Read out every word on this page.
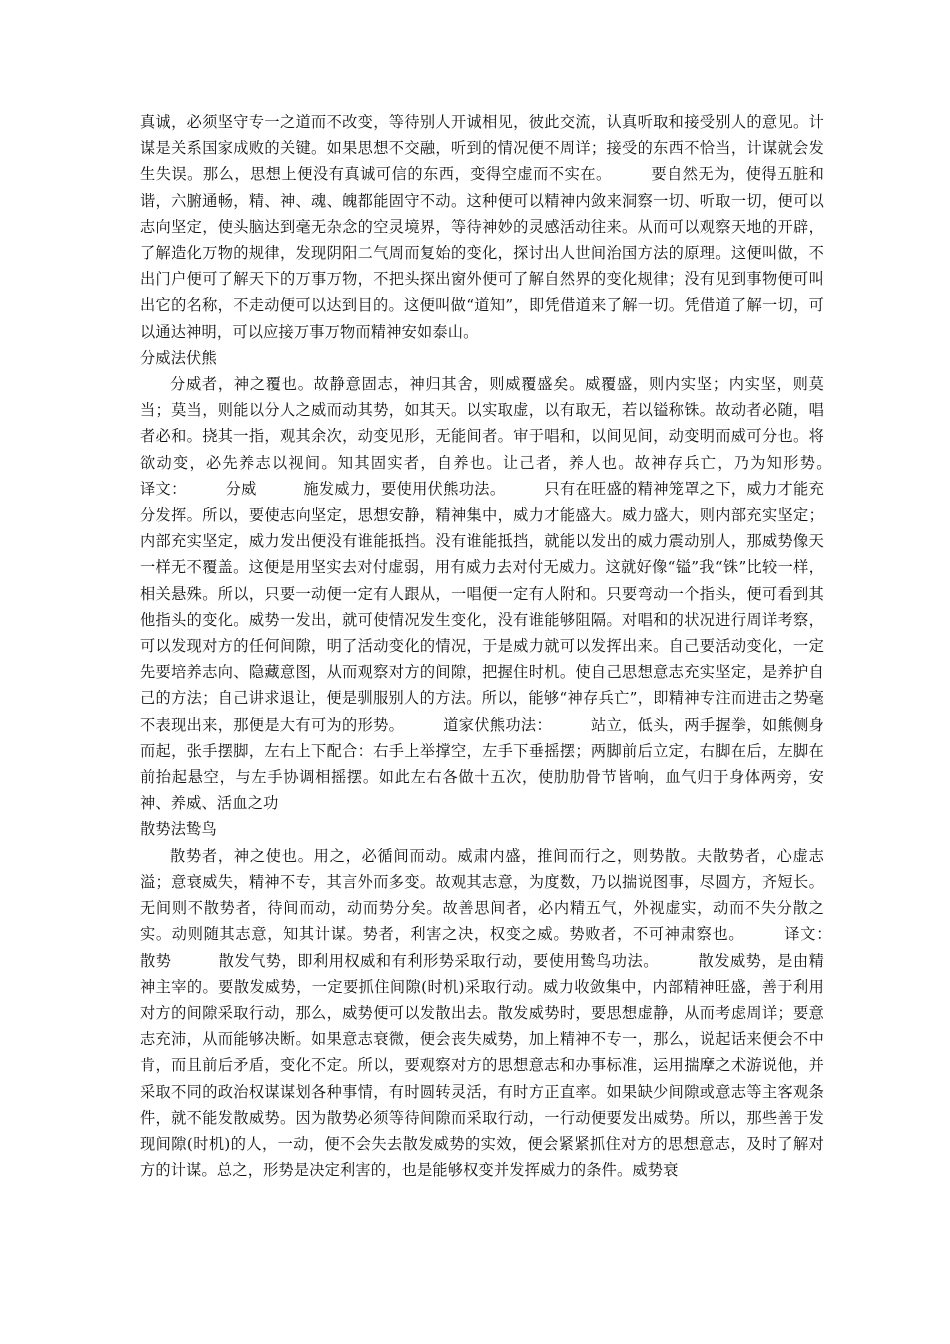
真诚，必须坚守专一之道而不改变，等待别人开诚相见，彼此交流，认真听取和接受别人的意见。计谋是关系国家成败的关键。如果思想不交融，听到的情况便不周详；接受的东西不恰当，计谋就会发生失误。那么，思想上便没有真诚可信的东西，变得空虚而不实在。　　　要自然无为，使得五脏和谐，六腑通畅，精、神、魂、魄都能固守不动。这种便可以精神内敛来洞察一切、听取一切，便可以志向坚定，使头脑达到毫无杂念的空灵境界，等待神妙的灵感活动往来。从而可以观察天地的开辟，了解造化万物的规律，发现阴阳二气周而复始的变化，探讨出人世间治国方法的原理。这便叫做，不出门户便可了解天下的万事万物，不把头探出窗外便可了解自然界的变化规律；没有见到事物便可叫出它的名称，不走动便可以达到目的。这便叫做“道知”，即凭借道来了解一切。凭借道了解一切，可以通达神明，可以应接万事万物而精神安如泰山。

分威法伏熊

分威者，神之覆也。故静意固志，神归其舍，则威覆盛矣。威覆盛，则内实坚；内实坚，则莫当；莫当，则能以分人之威而动其势，如其天。以实取虚，以有取无，若以镒称铢。故动者必随，唱者必和。挠其一指，观其余次，动变见形，无能间者。审于唱和，以间见间，动变明而威可分也。将欲动变，必先养志以视间。知其固实者，自养也。让己者，养人也。故神存兵亡，乃为知形势。　　　译文：　　　分威　　　施发威力，要使用伏熊功法。　　　只有在旺盛的精神笼罩之下，威力才能充分发挥。所以，要使志向坚定，思想安静，精神集中，威力才能盛大。威力盛大，则内部充实坚定；内部充实坚定，威力发出便没有谁能抵挡。没有谁能抵挡，就能以发出的威力震动别人，那威势像天一样无不覆盖。这便是用坚实去对付虚弱，用有威力去对付无威力。这就好像“镒”我“铢”比较一样，相关悬殊。所以，只要一动便一定有人跟从，一唱便一定有人附和。只要弯动一个指头，便可看到其他指头的变化。威势一发出，就可使情况发生变化，没有谁能够阻隔。对唱和的状况进行周详考察，可以发现对方的任何间隙，明了活动变化的情况，于是威力就可以发挥出来。自己要活动变化，一定先要培养志向、隐藏意图，从而观察对方的间隙，把握住时机。使自己思想意志充实坚定，是养护自己的方法；自己讲求退让，便是驯服别人的方法。所以，能够“神存兵亡”，即精神专注而进击之势毫不表现出来，那便是大有可为的形势。　　　道家伏熊功法：　　　站立，低头，两手握拳，如熊侧身而起，张手摆脚，左右上下配合：右手上举撑空，左手下垂摇摆；两脚前后立定，右脚在后，左脚在前抬起悬空，与左手协调相摇摆。如此左右各做十五次，使肋肋骨节皆响，血气归于身体两旁，安神、养威、活血之功

散势法鸷鸟

散势者，神之使也。用之，必循间而动。威肃内盛，推间而行之，则势散。夫散势者，心虚志溢；意衰威失，精神不专，其言外而多变。故观其志意，为度数，乃以揣说图事，尽圆方，齐短长。无间则不散势者，待间而动，动而势分矣。故善思间者，必内精五气，外视虚实，动而不失分散之实。动则随其志意，知其计谋。势者，利害之决，权变之威。势败者，不可神肃察也。　　　译文：　　　散势　　　散发气势，即利用权威和有利形势采取行动，要使用鸷鸟功法。　　　散发威势，是由精神主宰的。要散发威势，一定要抓住间隙(时机)采取行动。威力收敛集中，内部精神旺盛，善于利用对方的间隙采取行动，那么，威势便可以发散出去。散发威势时，要思想虚静，从而考虑周详；要意志充沛，从而能够决断。如果意志衰微，便会丧失威势，加上精神不专一，那么，说起话来便会不中肯，而且前后矛盾，变化不定。所以，要观察对方的思想意志和办事标准，运用揣摩之术游说他，并采取不同的政治权谋谋划各种事情，有时圆转灵活，有时方正直率。如果缺少间隙或意志等主客观条件，就不能发散威势。因为散势必须等待间隙而采取行动，一行动便要发出威势。所以，那些善于发现间隙(时机)的人，一动，便不会失去散发威势的实效，便会紧紧抓住对方的思想意志，及时了解对方的计谋。总之，形势是决定利害的，也是能够权变并发挥威力的条件。威势衰
